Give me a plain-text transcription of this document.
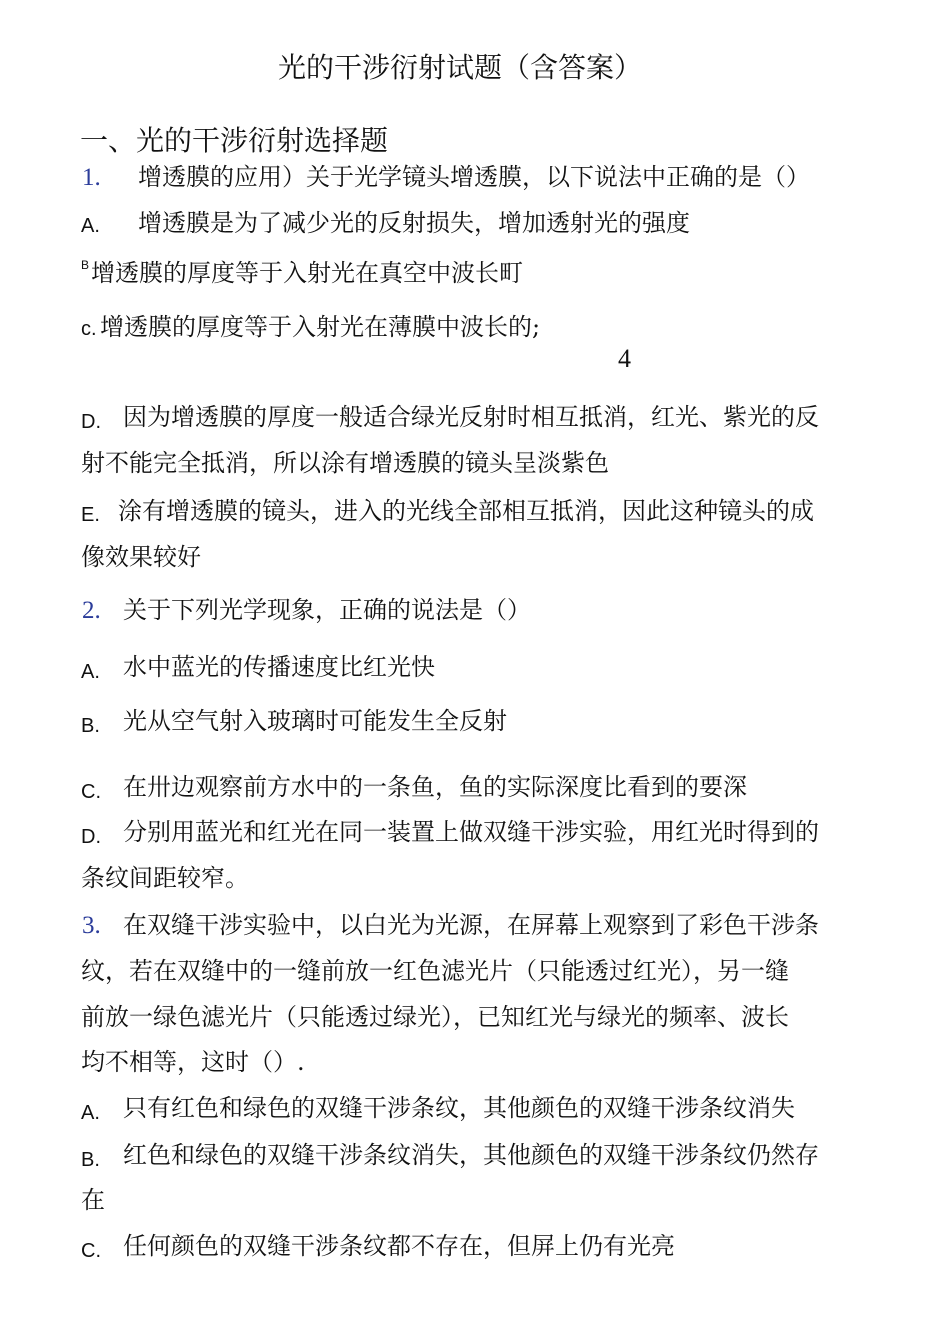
光的干涉衍射试题（含答案）
一、光的干涉衍射选择题
1. 增透膜的应用）关于光学镜头增透膜，以下说法中正确的是（）
A. 增透膜是为了减少光的反射损失，增加透射光的强度
B 增透膜的厚度等于入射光在真空中波长町
c. 增透膜的厚度等于入射光在薄膜中波长的;
4
D. 因为增透膜的厚度一般适合绿光反射时相互抵消，红光、紫光的反
射不能完全抵消，所以涂有增透膜的镜头呈淡紫色
E. 涂有增透膜的镜头，进入的光线全部相互抵消，因此这种镜头的成
像效果较好
2. 关于下列光学现象，正确的说法是（）
A. 水中蓝光的传播速度比红光快
B. 光从空气射入玻璃时可能发生全反射
C. 在卅边观察前方水中的一条鱼，鱼的实际深度比看到的要深
D. 分别用蓝光和红光在同一装置上做双缝干涉实验，用红光时得到的
条纹间距较窄。
3. 在双缝干涉实验中，以白光为光源，在屏幕上观察到了彩色干涉条
纹，若在双缝中的一缝前放一红色滤光片（只能透过红光），另一缝
前放一绿色滤光片（只能透过绿光），已知红光与绿光的频率、波长
均不相等，这时（）.
A. 只有红色和绿色的双缝干涉条纹，其他颜色的双缝干涉条纹消失
B. 红色和绿色的双缝干涉条纹消失，其他颜色的双缝干涉条纹仍然存
在
C. 任何颜色的双缝干涉条纹都不存在，但屏上仍有光亮
